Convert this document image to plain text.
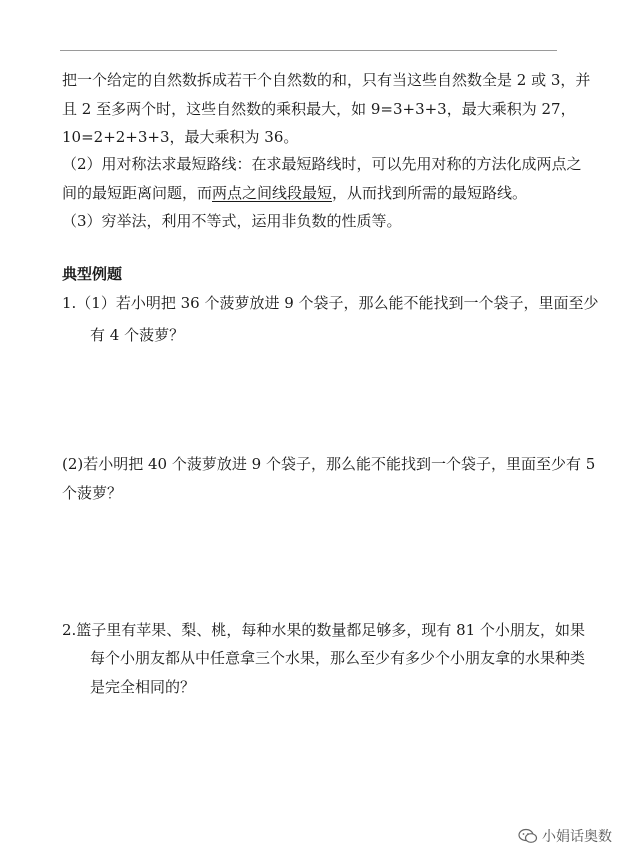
把一个给定的自然数拆成若干个自然数的和，只有当这些自然数全是 2 或 3，并
且 2 至多两个时，这些自然数的乘积最大，如 9=3+3+3，最大乘积为 27，
10=2+2+3+3，最大乘积为 36。
（2）用对称法求最短路线：在求最短路线时，可以先用对称的方法化成两点之
间的最短距离问题，而两点之间线段最短，从而找到所需的最短路线。
（3）穷举法，利用不等式，运用非负数的性质等。
典型例题
1.（1）若小明把 36 个菠萝放进 9 个袋子，那么能不能找到一个袋子，里面至少
有 4 个菠萝？
(2)若小明把 40 个菠萝放进 9 个袋子，那么能不能找到一个袋子，里面至少有 5
个菠萝？
2.篮子里有苹果、梨、桃，每种水果的数量都足够多，现有 81 个小朋友，如果
每个小朋友都从中任意拿三个水果，那么至少有多少个小朋友拿的水果种类
是完全相同的？
小娟话奥数
